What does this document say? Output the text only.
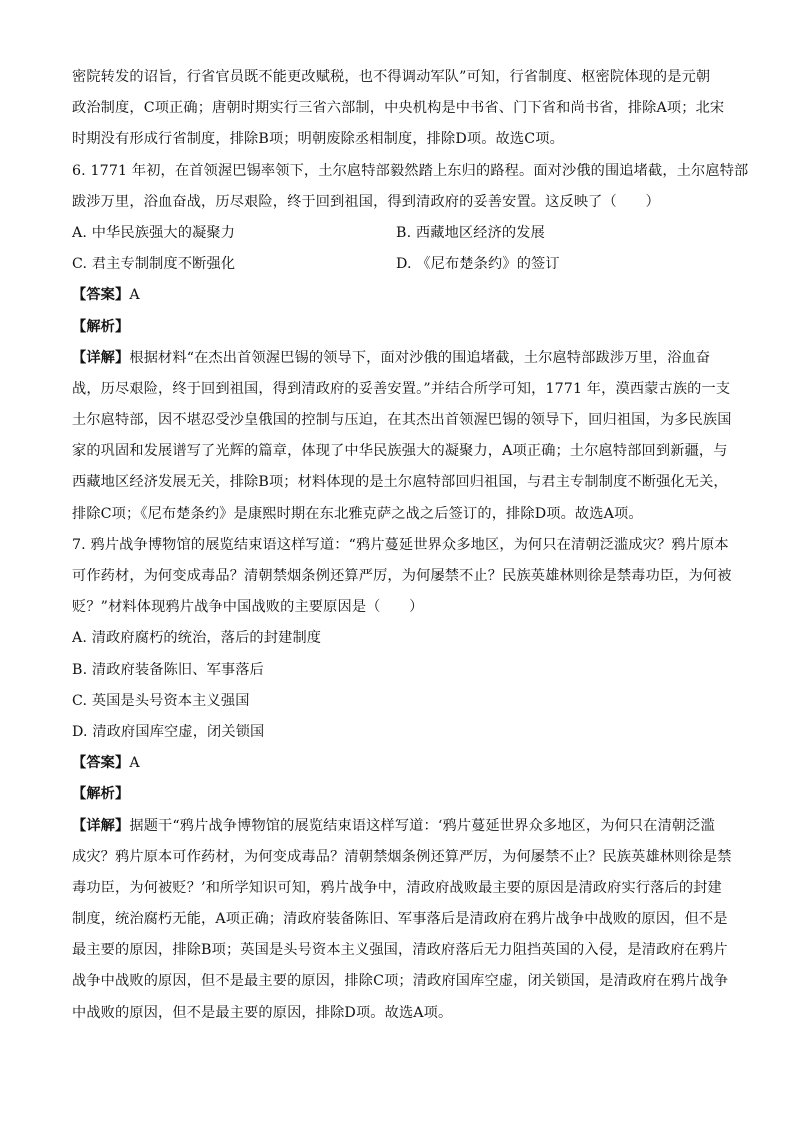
密院转发的诏旨，行省官员既不能更改赋税，也不得调动军队”可知，行省制度、枢密院体现的是元朝
政治制度，C项正确；唐朝时期实行三省六部制，中央机构是中书省、门下省和尚书省，排除A项；北宋
时期没有形成行省制度，排除B项；明朝废除丞相制度，排除D项。故选C项。
6. 1771 年初，在首领渥巴锡率领下，土尔扈特部毅然踏上东归的路程。面对沙俄的围追堵截，土尔扈特部
跋涉万里，浴血奋战，历尽艰险，终于回到祖国，得到清政府的妥善安置。这反映了（　　）
A. 中华民族强大的凝聚力	B. 西藏地区经济的发展
C. 君主专制制度不断强化	D. 《尼布楚条约》的签订
【答案】A
【解析】
【详解】根据材料“在杰出首领渥巴锡的领导下，面对沙俄的围追堵截，土尔扈特部跋涉万里，浴血奋
战，历尽艰险，终于回到祖国，得到清政府的妥善安置。”并结合所学可知，1771 年，漠西蒙古族的一支
土尔扈特部，因不堪忍受沙皇俄国的控制与压迫，在其杰出首领渥巴锡的领导下，回归祖国，为多民族国
家的巩固和发展谱写了光辉的篇章，体现了中华民族强大的凝聚力，A项正确；土尔扈特部回到新疆，与
西藏地区经济发展无关，排除B项；材料体现的是土尔扈特部回归祖国，与君主专制制度不断强化无关，
排除C项；《尼布楚条约》是康熙时期在东北雅克萨之战之后签订的，排除D项。故选A项。
7. 鸦片战争博物馆的展览结束语这样写道：“鸦片蔓延世界众多地区，为何只在清朝泛滥成灾？鸦片原本
可作药材，为何变成毒品？清朝禁烟条例还算严厉，为何屡禁不止？民族英雄林则徐是禁毒功臣，为何被
贬？”材料体现鸦片战争中国战败的主要原因是（　　）
A. 清政府腐朽的统治，落后的封建制度
B. 清政府装备陈旧、军事落后
C. 英国是头号资本主义强国
D. 清政府国库空虚，闭关锁国
【答案】A
【解析】
【详解】据题干“鸦片战争博物馆的展览结束语这样写道：‘鸦片蔓延世界众多地区，为何只在清朝泛滥
成灾？鸦片原本可作药材，为何变成毒品？清朝禁烟条例还算严厉，为何屡禁不止？民族英雄林则徐是禁
毒功臣，为何被贬？’和所学知识可知，鸦片战争中，清政府战败最主要的原因是清政府实行落后的封建
制度，统治腐朽无能，A项正确；清政府装备陈旧、军事落后是清政府在鸦片战争中战败的原因，但不是
最主要的原因，排除B项；英国是头号资本主义强国，清政府落后无力阻挡英国的入侵，是清政府在鸦片
战争中战败的原因，但不是最主要的原因，排除C项；清政府国库空虚，闭关锁国，是清政府在鸦片战争
中战败的原因，但不是最主要的原因，排除D项。故选A项。
